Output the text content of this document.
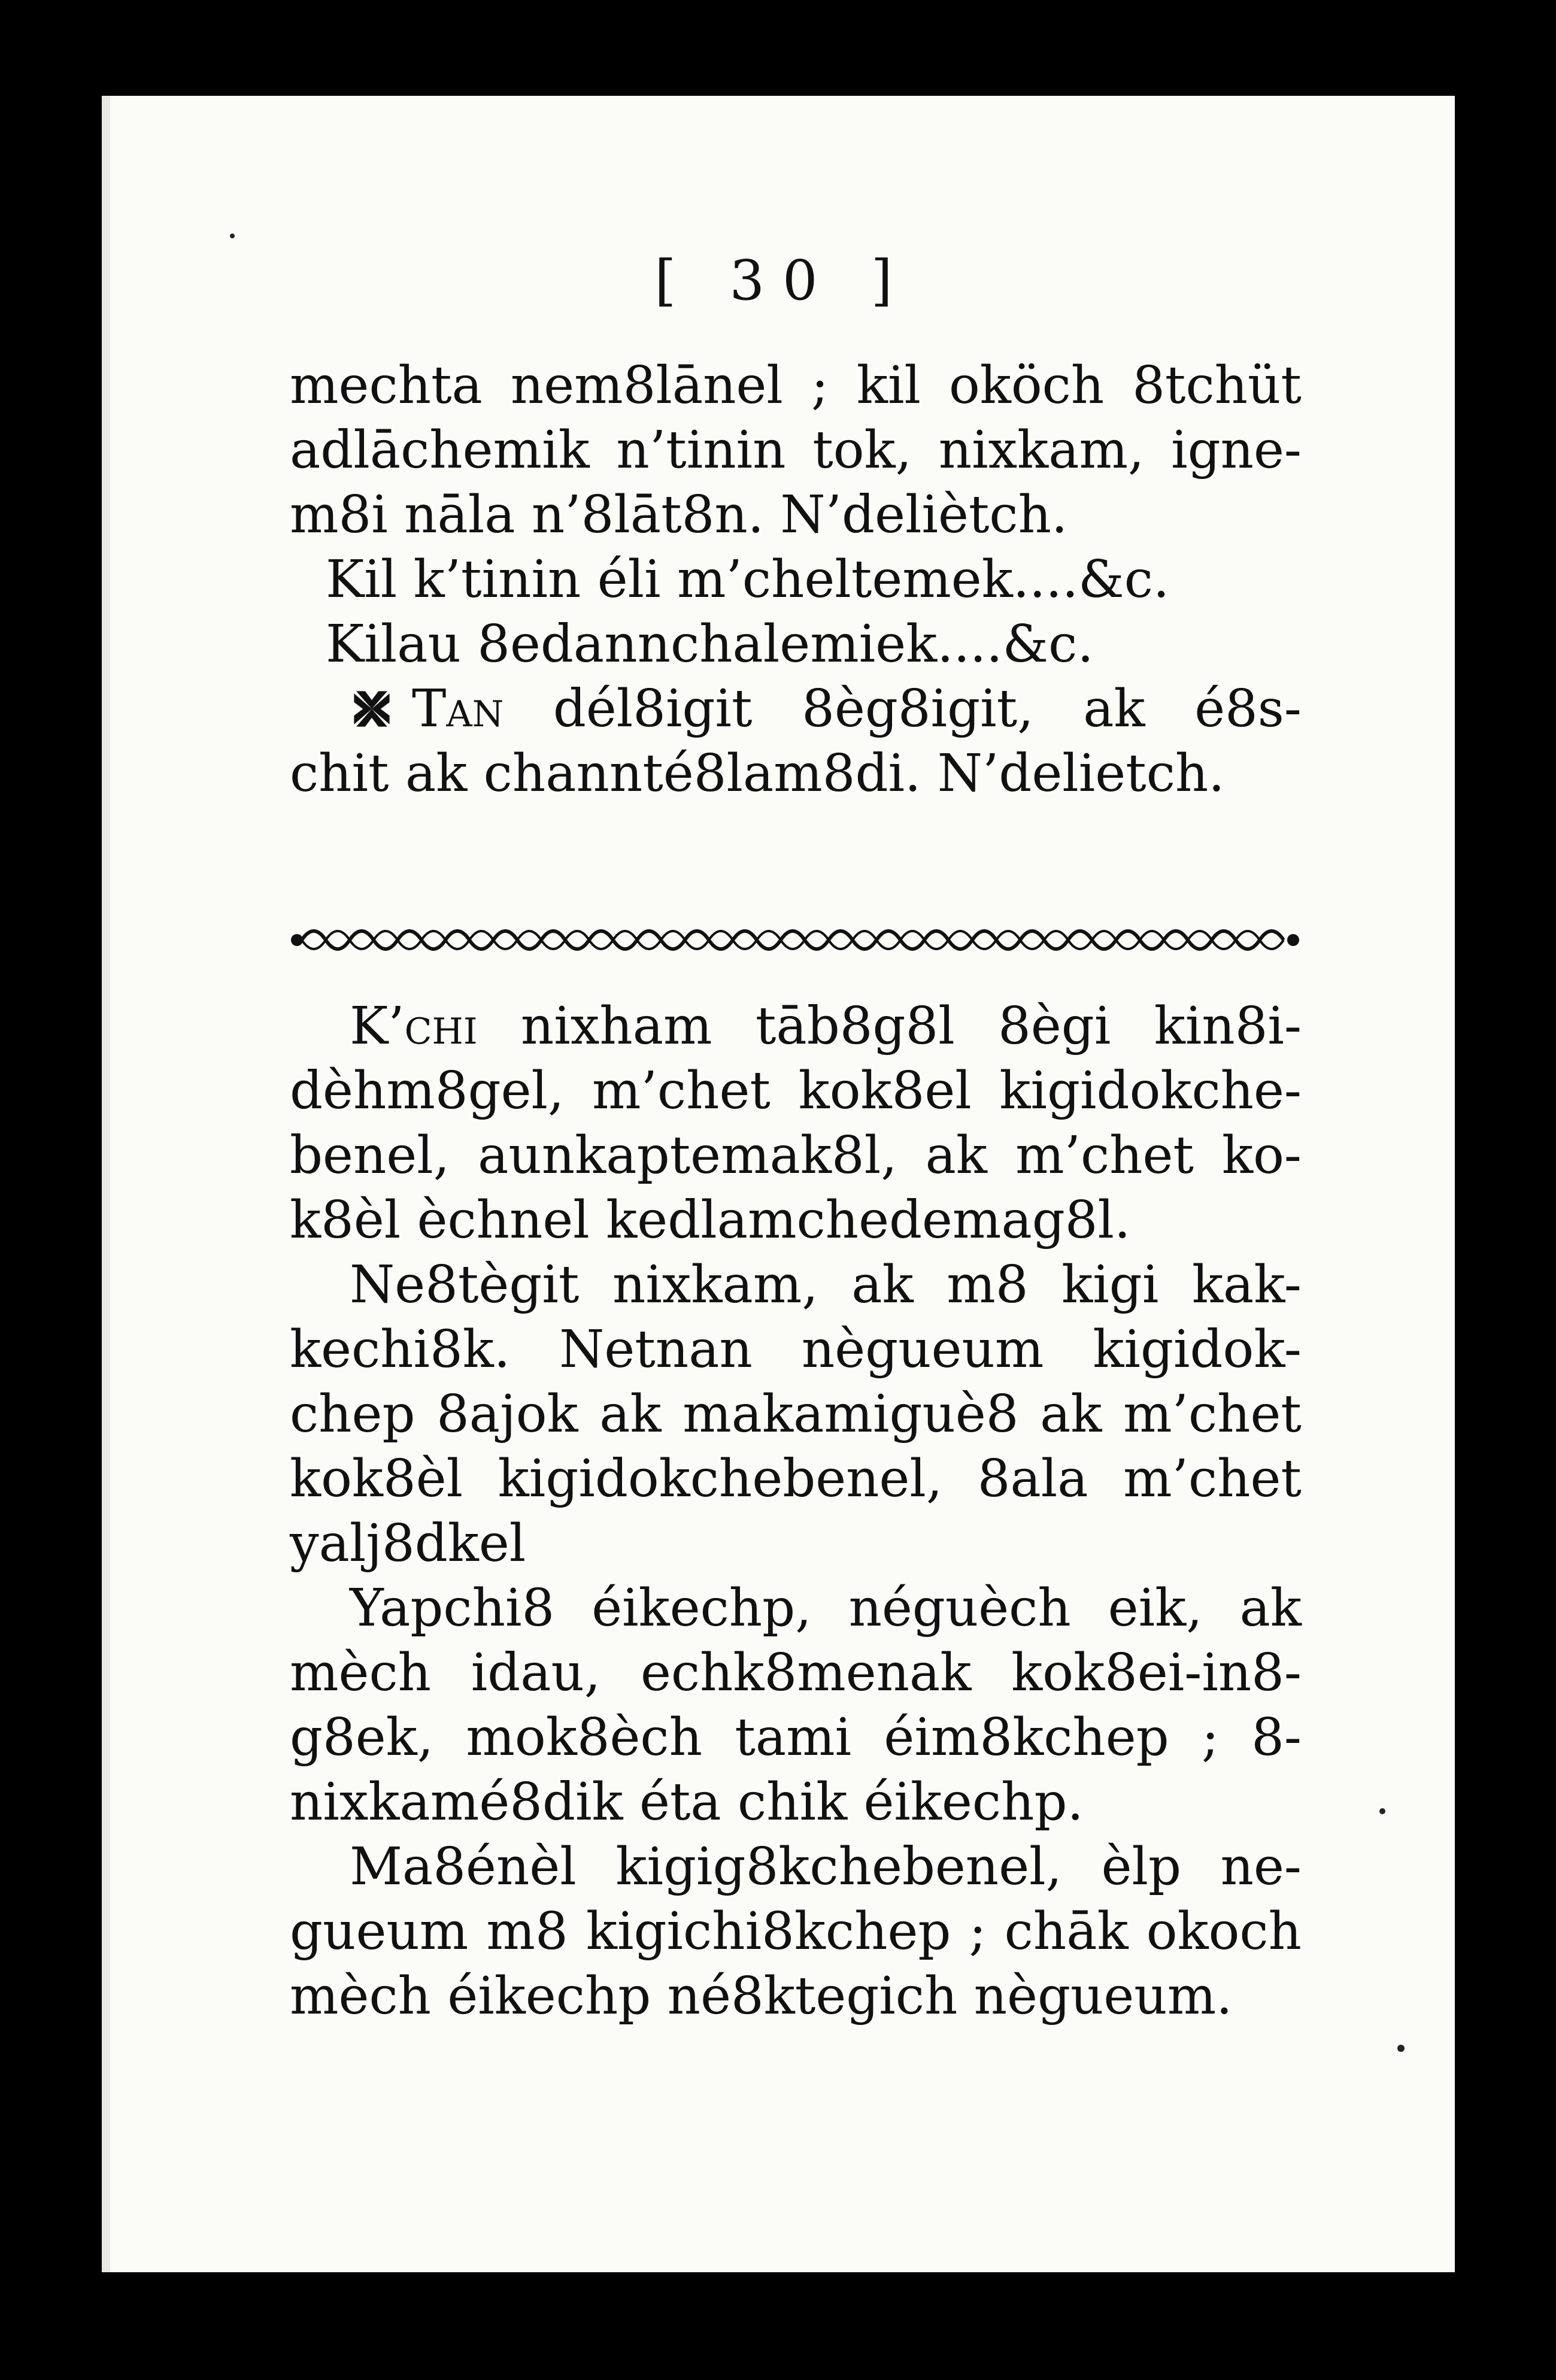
[ 30 ]
mechta nem8lānel ; kil oköch 8tchüt
adlāchemik n’tinin tok, nixkam, igne-
m8i nāla n’8lāt8n. N’deliètch.
Kil k’tinin éli m’cheltemek....&c.
Kilau 8edannchalemiek....&c.
Tan dél8igit 8èg8igit, ak é8s-
chit ak channté8lam8di. N’delietch.
K’chi nixham tāb8g8l 8ègi kin8i-
dèhm8gel, m’chet kok8el kigidokche-
benel, aunkaptemak8l, ak m’chet ko-
k8èl èchnel kedlamchedemag8l.
Ne8tègit nixkam, ak m8 kigi kak-
kechi8k. Netnan nègueum kigidok-
chep 8ajok ak makamiguè8 ak m’chet
kok8èl kigidokchebenel, 8ala m’chet
yalj8dkel
Yapchi8 éikechp, néguèch eik, ak
mèch idau, echk8menak kok8ei-in8-
g8ek, mok8èch tami éim8kchep ; 8-
nixkamé8dik éta chik éikechp.
Ma8énèl kigig8kchebenel, èlp ne-
gueum m8 kigichi8kchep ; chāk okoch
mèch éikechp né8ktegich nègueum.
